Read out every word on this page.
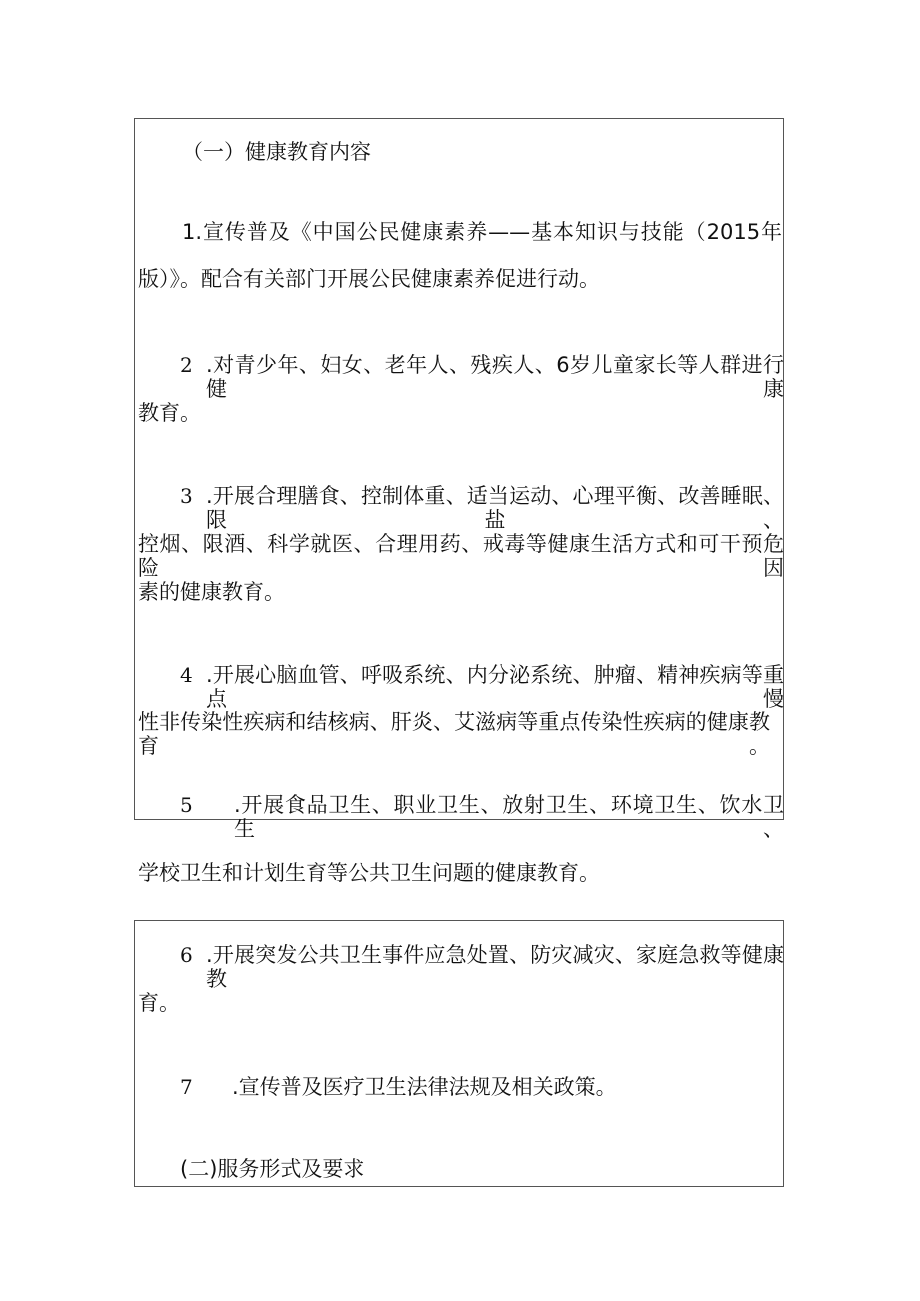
（一）健康教育内容
1.宣传普及《中国公民健康素养——基本知识与技能（2015年
版）》。配合有关部门开展公民健康素养促进行动。
2 .对青少年、妇女、老年人、残疾人、6岁儿童家长等人群进行健康
教育。
3 .开展合理膳食、控制体重、适当运动、心理平衡、改善睡眠、限盐、
控烟、限酒、科学就医、合理用药、戒毒等健康生活方式和可干预危险因
素的健康教育。
4 .开展心脑血管、呼吸系统、内分泌系统、肿瘤、精神疾病等重点慢
性非传染性疾病和结核病、肝炎、艾滋病等重点传染性疾病的健康教育。
5 .开展食品卫生、职业卫生、放射卫生、环境卫生、饮水卫生、
学校卫生和计划生育等公共卫生问题的健康教育。
6 .开展突发公共卫生事件应急处置、防灾减灾、家庭急救等健康教
育。
7 .宣传普及医疗卫生法律法规及相关政策。
(二)服务形式及要求
